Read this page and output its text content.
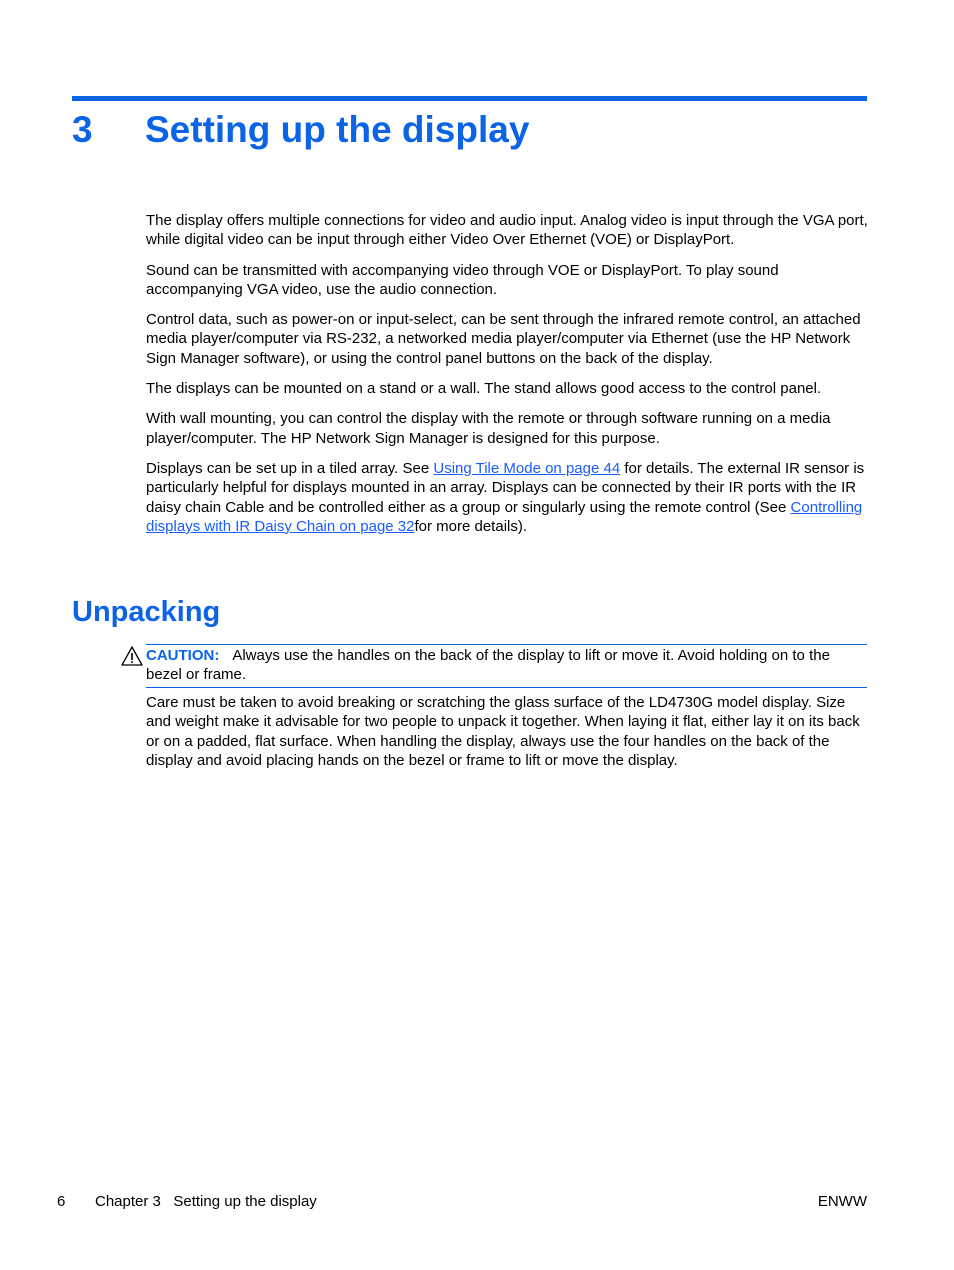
3 Setting up the display

The display offers multiple connections for video and audio input. Analog video is input through the VGA port, while digital video can be input through either Video Over Ethernet (VOE) or DisplayPort.

Sound can be transmitted with accompanying video through VOE or DisplayPort. To play sound accompanying VGA video, use the audio connection.

Control data, such as power-on or input-select, can be sent through the infrared remote control, an attached media player/computer via RS-232, a networked media player/computer via Ethernet (use the HP Network Sign Manager software), or using the control panel buttons on the back of the display.

The displays can be mounted on a stand or a wall. The stand allows good access to the control panel.

With wall mounting, you can control the display with the remote or through software running on a media player/computer. The HP Network Sign Manager is designed for this purpose.

Displays can be set up in a tiled array. See Using Tile Mode on page 44 for details. The external IR sensor is particularly helpful for displays mounted in an array. Displays can be connected by their IR ports with the IR daisy chain Cable and be controlled either as a group or singularly using the remote control (See Controlling displays with IR Daisy Chain on page 32for more details).

Unpacking
CAUTION: Always use the handles on the back of the display to lift or move it. Avoid holding on to the bezel or frame.

Care must be taken to avoid breaking or scratching the glass surface of the LD4730G model display. Size and weight make it advisable for two people to unpack it together. When laying it flat, either lay it on its back or on a padded, flat surface. When handling the display, always use the four handles on the back of the display and avoid placing hands on the bezel or frame to lift or move the display.

6 Chapter 3   Setting up the display	ENWW
